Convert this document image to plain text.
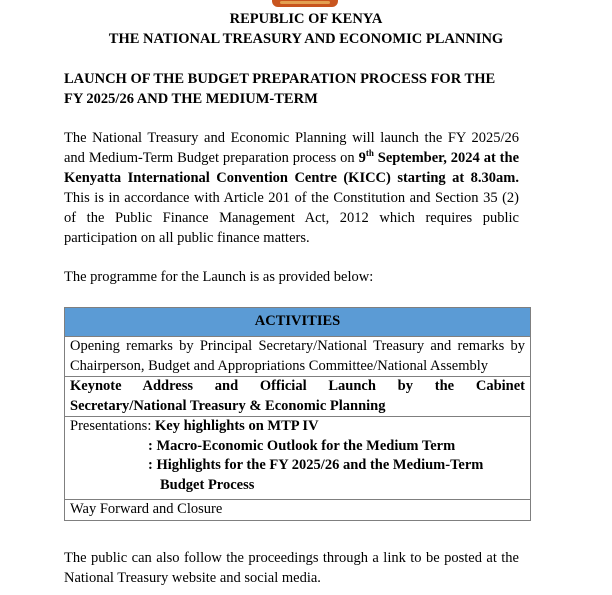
REPUBLIC OF KENYA
THE NATIONAL TREASURY AND ECONOMIC PLANNING
LAUNCH OF THE BUDGET PREPARATION PROCESS FOR THE
FY 2025/26 AND THE MEDIUM-TERM
The National Treasury and Economic Planning will launch the FY 2025/26 and Medium-Term Budget preparation process on 9th September, 2024 at the Kenyatta International Convention Centre (KICC) starting at 8.30am. This is in accordance with Article 201 of the Constitution and Section 35 (2) of the Public Finance Management Act, 2012 which requires public participation on all public finance matters.
The programme for the Launch is as provided below:
ACTIVITIES
Opening remarks by Principal Secretary/National Treasury and remarks by Chairperson, Budget and Appropriations Committee/National Assembly

Keynote Address and Official Launch by the Cabinet
Secretary/National Treasury & Economic Planning

Presentations: Key highlights on MTP IV
: Macro-Economic Outlook for the Medium Term
: Highlights for the FY 2025/26 and the Medium-Term
Budget Process

Way Forward and Closure
The public can also follow the proceedings through a link to be posted at the National Treasury website and social media.
